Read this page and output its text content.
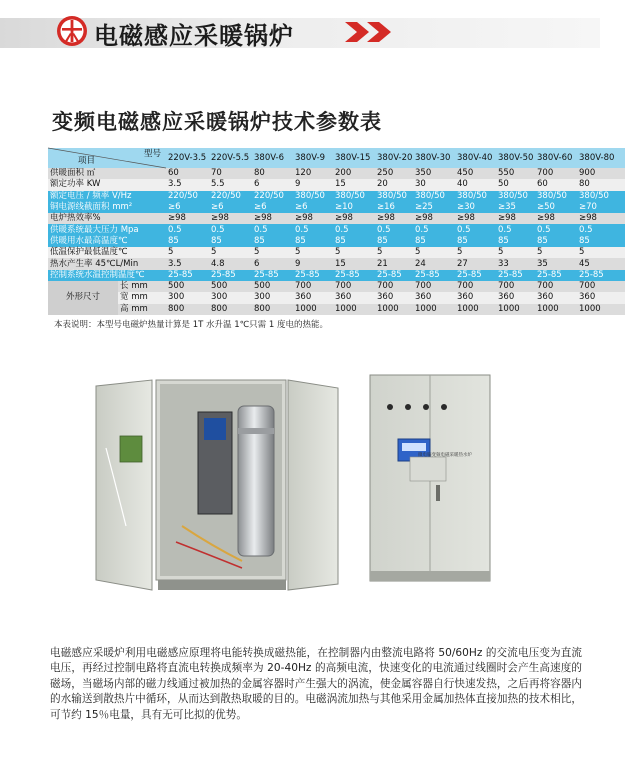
电磁感应采暖锅炉
变频电磁感应采暖锅炉技术参数表
型号
项目		220V-3.5	220V-5.5	380V-6	380V-9	380V-15	380V-20	380V-30	380V-40	380V-50	380V-60	380V-80
供暖面积 ㎡		60	70	80	120	200	250	350	450	550	700	900
额定功率 KW		3.5	5.5	6	9	15	20	30	40	50	60	80
额定电压 / 频率 V/Hz		220/50	220/50	220/50	380/50	380/50	380/50	380/50	380/50	380/50	380/50	380/50
铜电源线截面积 mm²		≥6	≥6	≥6	≥6	≥10	≥16	≥25	≥30	≥35	≥50	≥70
电炉热效率%		≥98	≥98	≥98	≥98	≥98	≥98	≥98	≥98	≥98	≥98	≥98
供暖系统最大压力 Mpa		0.5	0.5	0.5	0.5	0.5	0.5	0.5	0.5	0.5	0.5	0.5
供暖用水最高温度℃		85	85	85	85	85	85	85	85	85	85	85
低温保护最低温度℃		5	5	5	5	5	5	5	5	5	5	5
热水产生率 45℃L/Min		3.5	4.8	6	9	15	21	24	27	33	35	45
控制系统水温控制温度℃		25-85	25-85	25-85	25-85	25-85	25-85	25-85	25-85	25-85	25-85	25-85
外形尺寸	长 mm	500	500	500	700	700	700	700	700	700	700	700
	宽 mm	300	300	300	360	360	360	360	360	360	360	360
	高 mm	800	800	800	1000	1000	1000	1000	1000	1000	1000	1000
本表说明：本型号电磁炉热量计算是 1T 水升温 1℃只需 1 度电的热能。
微电脑变频电磁采暖热水炉
电磁感应采暖炉利用电磁感应原理将电能转换成磁热能，在控制器内由整流电路将 50/60Hz 的交流电压变为直流电压，再经过控制电路将直流电转换成频率为 20-40Hz 的高频电流，快速变化的电流通过线圈时会产生高速度的磁场，当磁场内部的磁力线通过被加热的金属容器时产生强大的涡流，使金属容器自行快速发热，之后再将容器内的水输送到散热片中循环，从而达到散热取暖的目的。电磁涡流加热与其他采用金属加热体直接加热的技术相比，可节约 15％电量，具有无可比拟的优势。
